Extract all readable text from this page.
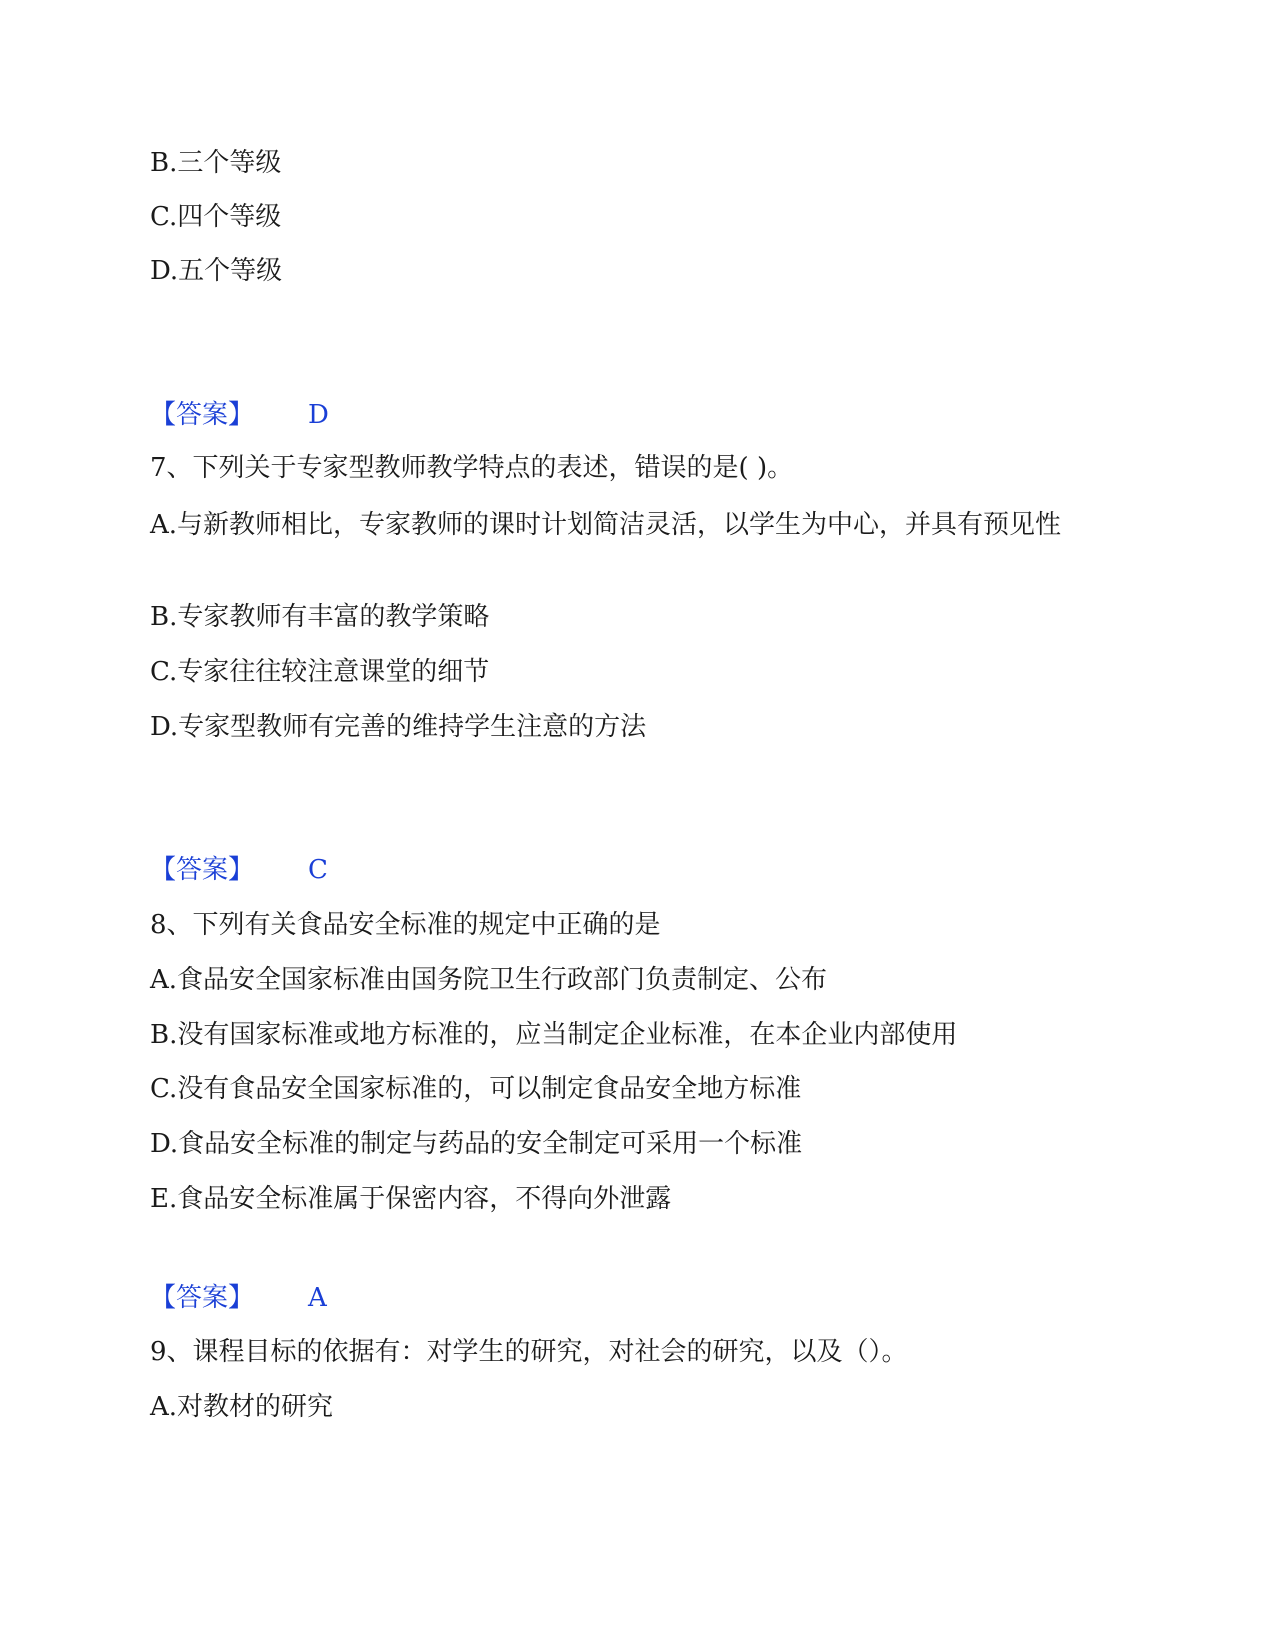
B.三个等级
C.四个等级
D.五个等级
【答案】 D
7、下列关于专家型教师教学特点的表述，错误的是( )。
A.与新教师相比，专家教师的课时计划简洁灵活，以学生为中心，并具有预见性
B.专家教师有丰富的教学策略
C.专家往往较注意课堂的细节
D.专家型教师有完善的维持学生注意的方法
【答案】 C
8、下列有关食品安全标准的规定中正确的是
A.食品安全国家标准由国务院卫生行政部门负责制定、公布
B.没有国家标准或地方标准的，应当制定企业标准，在本企业内部使用
C.没有食品安全国家标准的，可以制定食品安全地方标准
D.食品安全标准的制定与药品的安全制定可采用一个标准
E.食品安全标准属于保密内容，不得向外泄露
【答案】 A
9、课程目标的依据有：对学生的研究，对社会的研究，以及（）。
A.对教材的研究
